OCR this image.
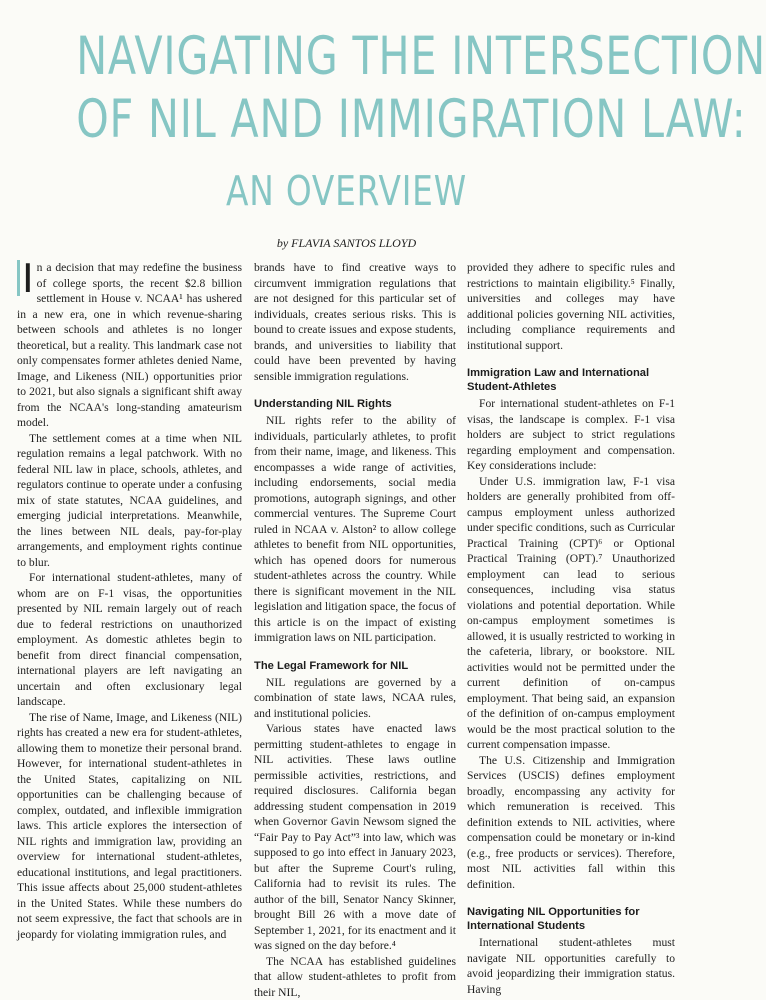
NAVIGATING THE INTERSECTION
OF NIL AND IMMIGRATION LAW:
AN OVERVIEW
by FLAVIA SANTOS LLOYD

I n a decision that may redefine the business of college sports, the recent $2.8 billion settlement in House v. NCAA¹ has ushered in a new era, one in which revenue-sharing between schools and athletes is no longer theoretical, but a reality. This landmark case not only compensates former athletes denied Name, Image, and Likeness (NIL) opportunities prior to 2021, but also signals a significant shift away from the NCAA's long-standing amateurism model.

The settlement comes at a time when NIL regulation remains a legal patchwork. With no federal NIL law in place, schools, athletes, and regulators continue to operate under a confusing mix of state statutes, NCAA guidelines, and emerging judicial interpretations. Meanwhile, the lines between NIL deals, pay-for-play arrangements, and employment rights continue to blur.

For international student-athletes, many of whom are on F-1 visas, the opportunities presented by NIL remain largely out of reach due to federal restrictions on unauthorized employment. As domestic athletes begin to benefit from direct financial compensation, international players are left navigating an uncertain and often exclusionary legal landscape.

The rise of Name, Image, and Likeness (NIL) rights has created a new era for student-athletes, allowing them to monetize their personal brand. However, for international student-athletes in the United States, capitalizing on NIL opportunities can be challenging because of complex, outdated, and inflexible immigration laws. This article explores the intersection of NIL rights and immigration law, providing an overview for international student-athletes, educational institutions, and legal practitioners. This issue affects about 25,000 student-athletes in the United States. While these numbers do not seem expressive, the fact that schools are in jeopardy for violating immigration rules, and

brands have to find creative ways to circumvent immigration regulations that are not designed for this particular set of individuals, creates serious risks. This is bound to create issues and expose students, brands, and universities to liability that could have been prevented by having sensible immigration regulations.

Understanding NIL Rights

NIL rights refer to the ability of individuals, particularly athletes, to profit from their name, image, and likeness. This encompasses a wide range of activities, including endorsements, social media promotions, autograph signings, and other commercial ventures. The Supreme Court ruled in NCAA v. Alston² to allow college athletes to benefit from NIL opportunities, which has opened doors for numerous student-athletes across the country. While there is significant movement in the NIL legislation and litigation space, the focus of this article is on the impact of existing immigration laws on NIL participation.

The Legal Framework for NIL

NIL regulations are governed by a combination of state laws, NCAA rules, and institutional policies.

Various states have enacted laws permitting student-athletes to engage in NIL activities. These laws outline permissible activities, restrictions, and required disclosures. California began addressing student compensation in 2019 when Governor Gavin Newsom signed the “Fair Pay to Pay Act”³ into law, which was supposed to go into effect in January 2023, but after the Supreme Court's ruling, California had to revisit its rules. The author of the bill, Senator Nancy Skinner, brought Bill 26 with a move date of September 1, 2021, for its enactment and it was signed on the day before.⁴

The NCAA has established guidelines that allow student-athletes to profit from their NIL,

provided they adhere to specific rules and restrictions to maintain eligibility.⁵ Finally, universities and colleges may have additional policies governing NIL activities, including compliance requirements and institutional support.

Immigration Law and International Student-Athletes

For international student-athletes on F-1 visas, the landscape is complex. F-1 visa holders are subject to strict regulations regarding employment and compensation. Key considerations include:

Under U.S. immigration law, F-1 visa holders are generally prohibited from off-campus employment unless authorized under specific conditions, such as Curricular Practical Training (CPT)⁶ or Optional Practical Training (OPT).⁷ Unauthorized employment can lead to serious consequences, including visa status violations and potential deportation. While on-campus employment sometimes is allowed, it is usually restricted to working in the cafeteria, library, or bookstore. NIL activities would not be permitted under the current definition of on-campus employment. That being said, an expansion of the definition of on-campus employment would be the most practical solution to the current compensation impasse.

The U.S. Citizenship and Immigration Services (USCIS) defines employment broadly, encompassing any activity for which remuneration is received. This definition extends to NIL activities, where compensation could be monetary or in-kind (e.g., free products or services). Therefore, most NIL activities fall within this definition.

Navigating NIL Opportunities for International Students

International student-athletes must navigate NIL opportunities carefully to avoid jeopardizing their immigration status. Having
